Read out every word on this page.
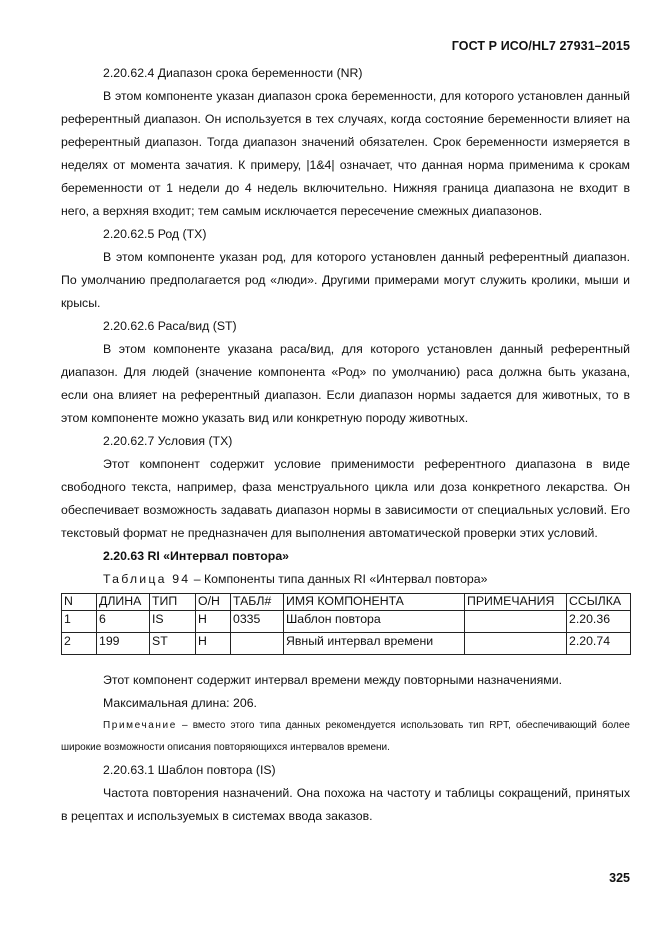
ГОСТ Р ИСО/HL7 27931–2015

2.20.62.4 Диапазон срока беременности (NR)

В этом компоненте указан диапазон срока беременности, для которого установлен данный референтный диапазон. Он используется в тех случаях, когда состояние беременности влияет на референтный диапазон. Тогда диапазон значений обязателен. Срок беременности измеряется в неделях от момента зачатия. К примеру, |1&4| означает, что данная норма применима к срокам беременности от 1 недели до 4 недель включительно. Нижняя граница диапазона не входит в него, а верхняя входит; тем самым исключается пересечение смежных диапазонов.

2.20.62.5 Род (TX)

В этом компоненте указан род, для которого установлен данный референтный диапазон. По умолчанию предполагается род «люди». Другими примерами могут служить кролики, мыши и крысы.

2.20.62.6 Раса/вид (ST)

В этом компоненте указана раса/вид, для которого установлен данный референтный диапазон. Для людей (значение компонента «Род» по умолчанию) раса должна быть указана, если она влияет на референтный диапазон. Если диапазон нормы задается для животных, то в этом компоненте можно указать вид или конкретную породу животных.

2.20.62.7 Условия (TX)

Этот компонент содержит условие применимости референтного диапазона в виде свободного текста, например, фаза менструального цикла или доза конкретного лекарства. Он обеспечивает возможность задавать диапазон нормы в зависимости от специальных условий. Его текстовый формат не предназначен для выполнения автоматической проверки этих условий.

2.20.63 RI «Интервал повтора»

Таблица 94 – Компоненты типа данных RI «Интервал повтора»

N	ДЛИНА	ТИП	О/Н	ТАБЛ#	ИМЯ КОМПОНЕНТА	ПРИМЕЧАНИЯ	ССЫЛКА
1	6	IS	Н	0335	Шаблон повтора		2.20.36
2	199	ST	Н		Явный интервал времени		2.20.74

Этот компонент содержит интервал времени между повторными назначениями.

Максимальная длина: 206.

Примечание – вместо этого типа данных рекомендуется использовать тип RPT, обеспечивающий более широкие возможности описания повторяющихся интервалов времени.

2.20.63.1 Шаблон повтора (IS)

Частота повторения назначений. Она похожа на частоту и таблицы сокращений, принятых в рецептах и используемых в системах ввода заказов.

325
